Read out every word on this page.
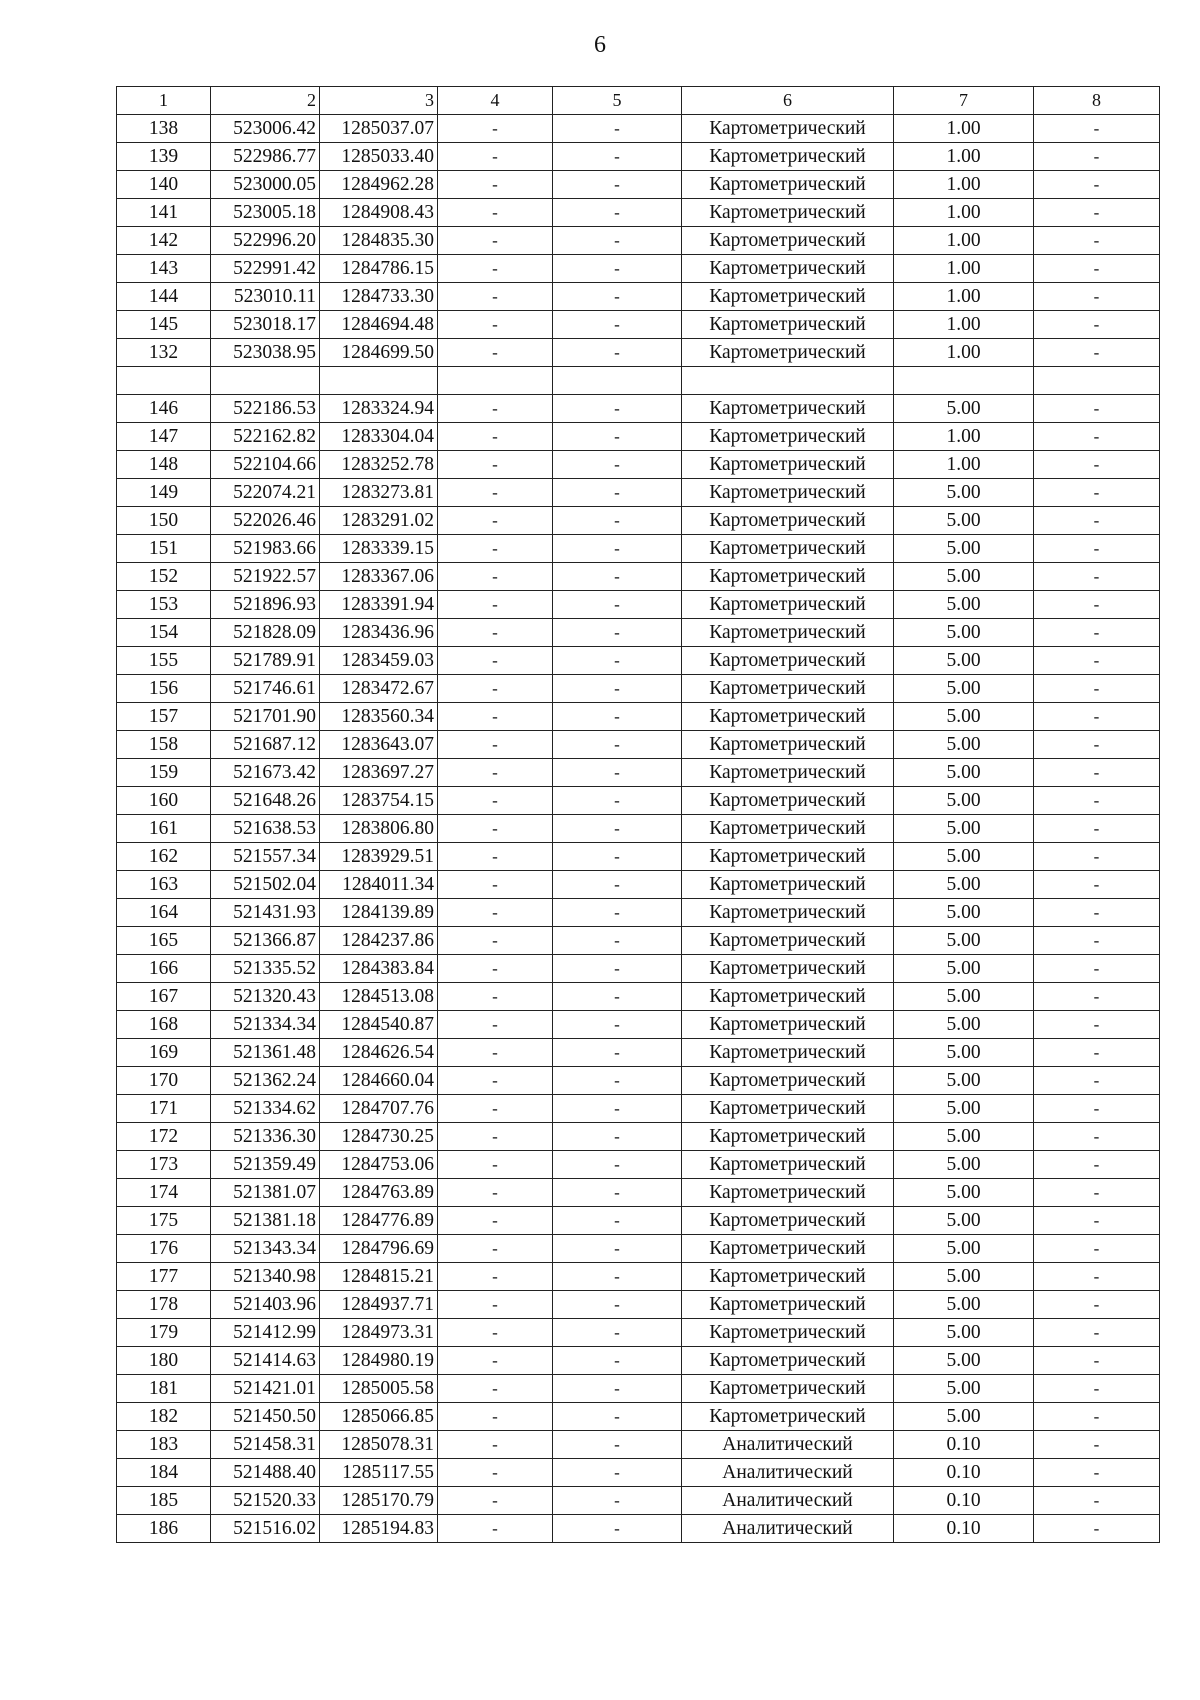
6
1	2	3	4	5	6	7	8
138	523006.42	1285037.07	-	-	Картометрический	1.00	-
139	522986.77	1285033.40	-	-	Картометрический	1.00	-
140	523000.05	1284962.28	-	-	Картометрический	1.00	-
141	523005.18	1284908.43	-	-	Картометрический	1.00	-
142	522996.20	1284835.30	-	-	Картометрический	1.00	-
143	522991.42	1284786.15	-	-	Картометрический	1.00	-
144	523010.11	1284733.30	-	-	Картометрический	1.00	-
145	523018.17	1284694.48	-	-	Картометрический	1.00	-
132	523038.95	1284699.50	-	-	Картометрический	1.00	-

146	522186.53	1283324.94	-	-	Картометрический	5.00	-
147	522162.82	1283304.04	-	-	Картометрический	1.00	-
148	522104.66	1283252.78	-	-	Картометрический	1.00	-
149	522074.21	1283273.81	-	-	Картометрический	5.00	-
150	522026.46	1283291.02	-	-	Картометрический	5.00	-
151	521983.66	1283339.15	-	-	Картометрический	5.00	-
152	521922.57	1283367.06	-	-	Картометрический	5.00	-
153	521896.93	1283391.94	-	-	Картометрический	5.00	-
154	521828.09	1283436.96	-	-	Картометрический	5.00	-
155	521789.91	1283459.03	-	-	Картометрический	5.00	-
156	521746.61	1283472.67	-	-	Картометрический	5.00	-
157	521701.90	1283560.34	-	-	Картометрический	5.00	-
158	521687.12	1283643.07	-	-	Картометрический	5.00	-
159	521673.42	1283697.27	-	-	Картометрический	5.00	-
160	521648.26	1283754.15	-	-	Картометрический	5.00	-
161	521638.53	1283806.80	-	-	Картометрический	5.00	-
162	521557.34	1283929.51	-	-	Картометрический	5.00	-
163	521502.04	1284011.34	-	-	Картометрический	5.00	-
164	521431.93	1284139.89	-	-	Картометрический	5.00	-
165	521366.87	1284237.86	-	-	Картометрический	5.00	-
166	521335.52	1284383.84	-	-	Картометрический	5.00	-
167	521320.43	1284513.08	-	-	Картометрический	5.00	-
168	521334.34	1284540.87	-	-	Картометрический	5.00	-
169	521361.48	1284626.54	-	-	Картометрический	5.00	-
170	521362.24	1284660.04	-	-	Картометрический	5.00	-
171	521334.62	1284707.76	-	-	Картометрический	5.00	-
172	521336.30	1284730.25	-	-	Картометрический	5.00	-
173	521359.49	1284753.06	-	-	Картометрический	5.00	-
174	521381.07	1284763.89	-	-	Картометрический	5.00	-
175	521381.18	1284776.89	-	-	Картометрический	5.00	-
176	521343.34	1284796.69	-	-	Картометрический	5.00	-
177	521340.98	1284815.21	-	-	Картометрический	5.00	-
178	521403.96	1284937.71	-	-	Картометрический	5.00	-
179	521412.99	1284973.31	-	-	Картометрический	5.00	-
180	521414.63	1284980.19	-	-	Картометрический	5.00	-
181	521421.01	1285005.58	-	-	Картометрический	5.00	-
182	521450.50	1285066.85	-	-	Картометрический	5.00	-
183	521458.31	1285078.31	-	-	Аналитический	0.10	-
184	521488.40	1285117.55	-	-	Аналитический	0.10	-
185	521520.33	1285170.79	-	-	Аналитический	0.10	-
186	521516.02	1285194.83	-	-	Аналитический	0.10	-
